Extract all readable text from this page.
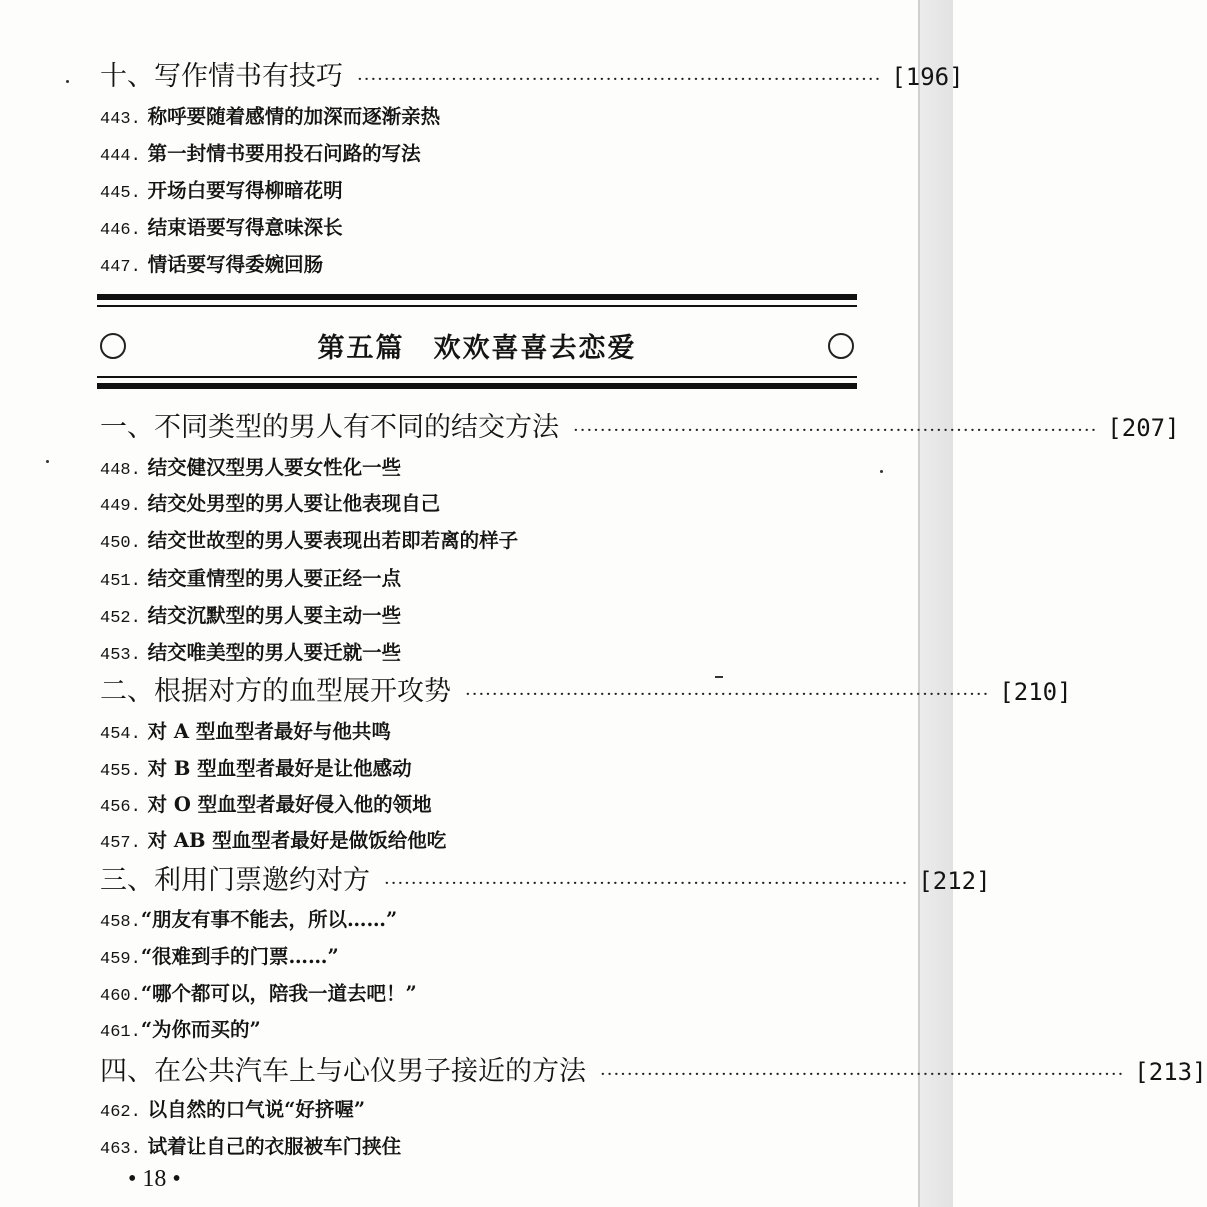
十、写作情书有技巧 ·············································································· [196]
443. 称呼要随着感情的加深而逐渐亲热
444. 第一封情书要用投石问路的写法
445. 开场白要写得柳暗花明
446. 结束语要写得意味深长
447. 情话要写得委婉回肠
第五篇　欢欢喜喜去恋爱
一、不同类型的男人有不同的结交方法 ·············································································· [207]
448. 结交健汉型男人要女性化一些
449. 结交处男型的男人要让他表现自己
450. 结交世故型的男人要表现出若即若离的样子
451. 结交重情型的男人要正经一点
452. 结交沉默型的男人要主动一些
453. 结交唯美型的男人要迁就一些
二、根据对方的血型展开攻势 ·············································································· [210]
454. 对 A 型血型者最好与他共鸣
455. 对 B 型血型者最好是让他感动
456. 对 O 型血型者最好侵入他的领地
457. 对 AB 型血型者最好是做饭给他吃
三、利用门票邀约对方 ·············································································· [212]
458.“朋友有事不能去，所以……”
459.“很难到手的门票……”
460.“哪个都可以，陪我一道去吧！”
461.“为你而买的”
四、在公共汽车上与心仪男子接近的方法 ·············································································· [213]
462. 以自然的口气说“好挤喔”
463. 试着让自己的衣服被车门挟住
• 18 •
